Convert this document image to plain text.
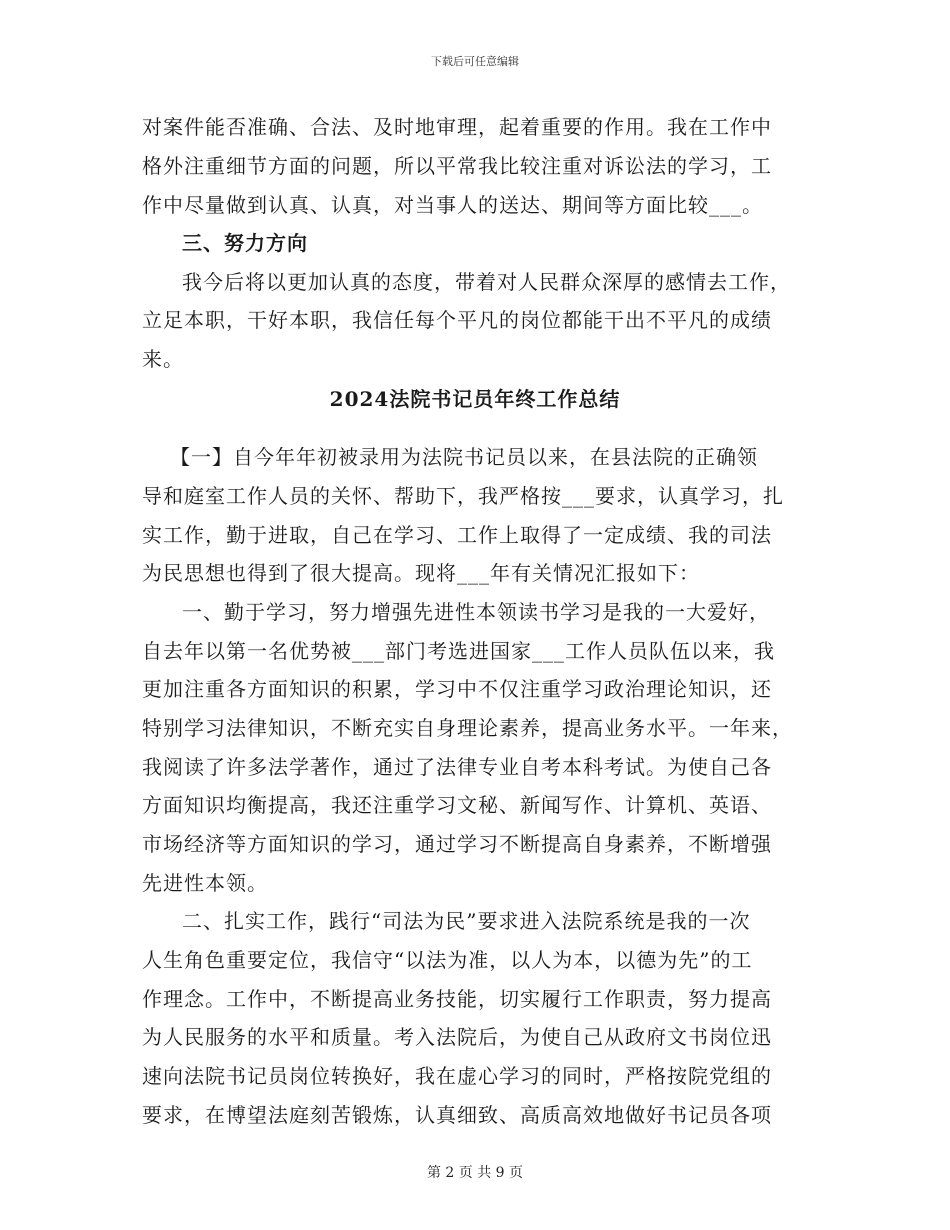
下载后可任意编辑
对案件能否准确、合法、及时地审理，起着重要的作用。我在工作中
格外注重细节方面的问题，所以平常我比较注重对诉讼法的学习，工
作中尽量做到认真、认真，对当事人的送达、期间等方面比较___。
三、努力方向
我今后将以更加认真的态度，带着对人民群众深厚的感情去工作，
立足本职，干好本职，我信任每个平凡的岗位都能干出不平凡的成绩
来。
2024法院书记员年终工作总结
【一】自今年年初被录用为法院书记员以来，在县法院的正确领
导和庭室工作人员的关怀、帮助下，我严格按___要求，认真学习，扎
实工作，勤于进取，自己在学习、工作上取得了一定成绩、我的司法
为民思想也得到了很大提高。现将___年有关情况汇报如下：
一、勤于学习，努力增强先进性本领读书学习是我的一大爱好，
自去年以第一名优势被___部门考选进国家___工作人员队伍以来，我
更加注重各方面知识的积累，学习中不仅注重学习政治理论知识，还
特别学习法律知识，不断充实自身理论素养，提高业务水平。一年来，
我阅读了许多法学著作，通过了法律专业自考本科考试。为使自己各
方面知识均衡提高，我还注重学习文秘、新闻写作、计算机、英语、
市场经济等方面知识的学习，通过学习不断提高自身素养，不断增强
先进性本领。
二、扎实工作，践行“司法为民”要求进入法院系统是我的一次
人生角色重要定位，我信守“以法为准，以人为本，以德为先”的工
作理念。工作中，不断提高业务技能，切实履行工作职责，努力提高
为人民服务的水平和质量。考入法院后，为使自己从政府文书岗位迅
速向法院书记员岗位转换好，我在虚心学习的同时，严格按院党组的
要求，在博望法庭刻苦锻炼，认真细致、高质高效地做好书记员各项
第 2 页 共 9 页
